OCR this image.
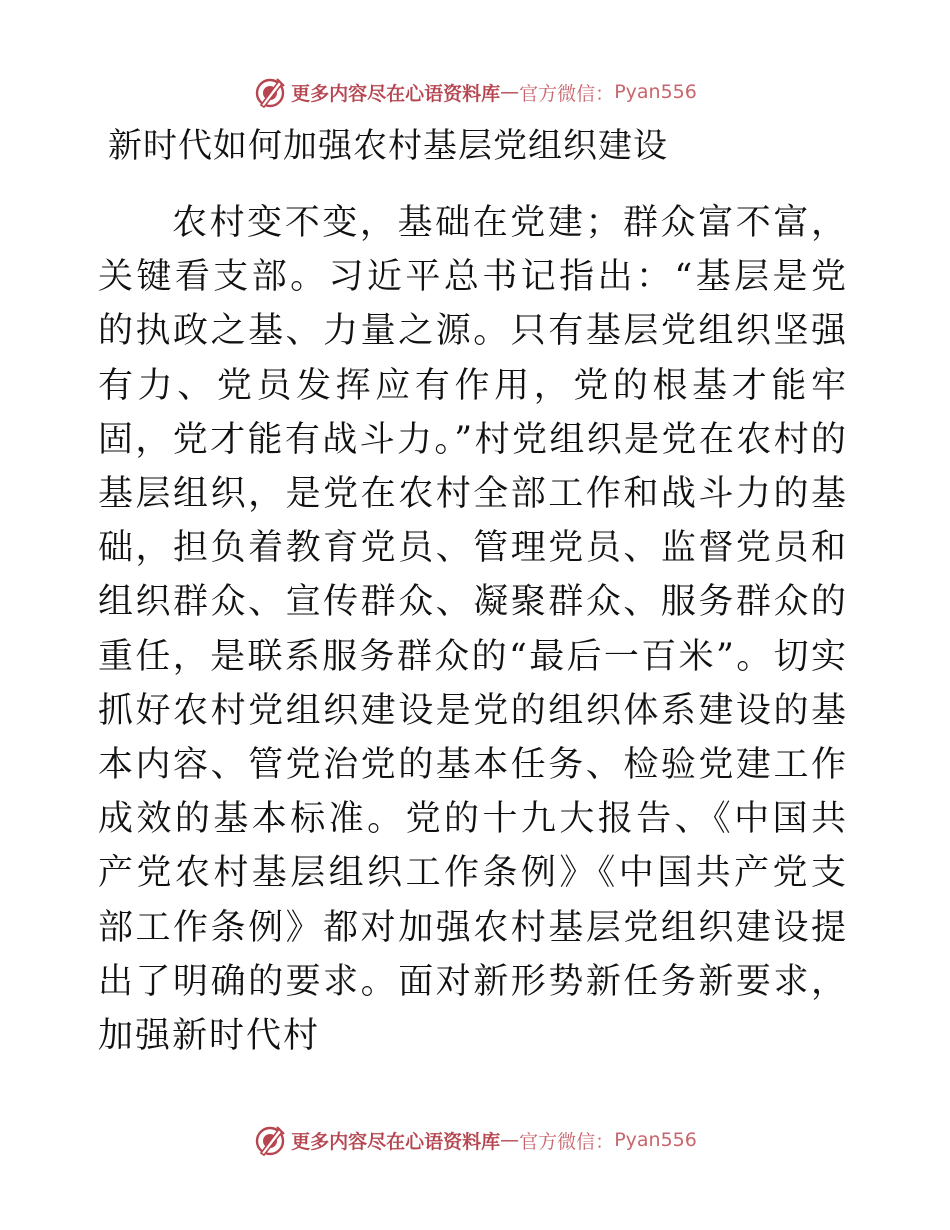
更多内容尽在心语资料库 — 官方微信： Pyan556
新时代如何加强农村基层党组织建设

农村变不变，基础在党建；群众富不富，关键看支部。习近平总书记指出：“基层是党的执政之基、力量之源。只有基层党组织坚强有力、党员发挥应有作用，党的根基才能牢固，党才能有战斗力。”村党组织是党在农村的基层组织，是党在农村全部工作和战斗力的基础，担负着教育党员、管理党员、监督党员和组织群众、宣传群众、凝聚群众、服务群众的重任，是联系服务群众的“最后一百米”。切实抓好农村党组织建设是党的组织体系建设的基本内容、管党治党的基本任务、检验党建工作成效的基本标准。党的十九大报告、《中国共产党农村基层组织工作条例》《中国共产党支部工作条例》都对加强农村基层党组织建设提出了明确的要求。面对新形势新任务新要求，加强新时代村

更多内容尽在心语资料库 — 官方微信： Pyan556
